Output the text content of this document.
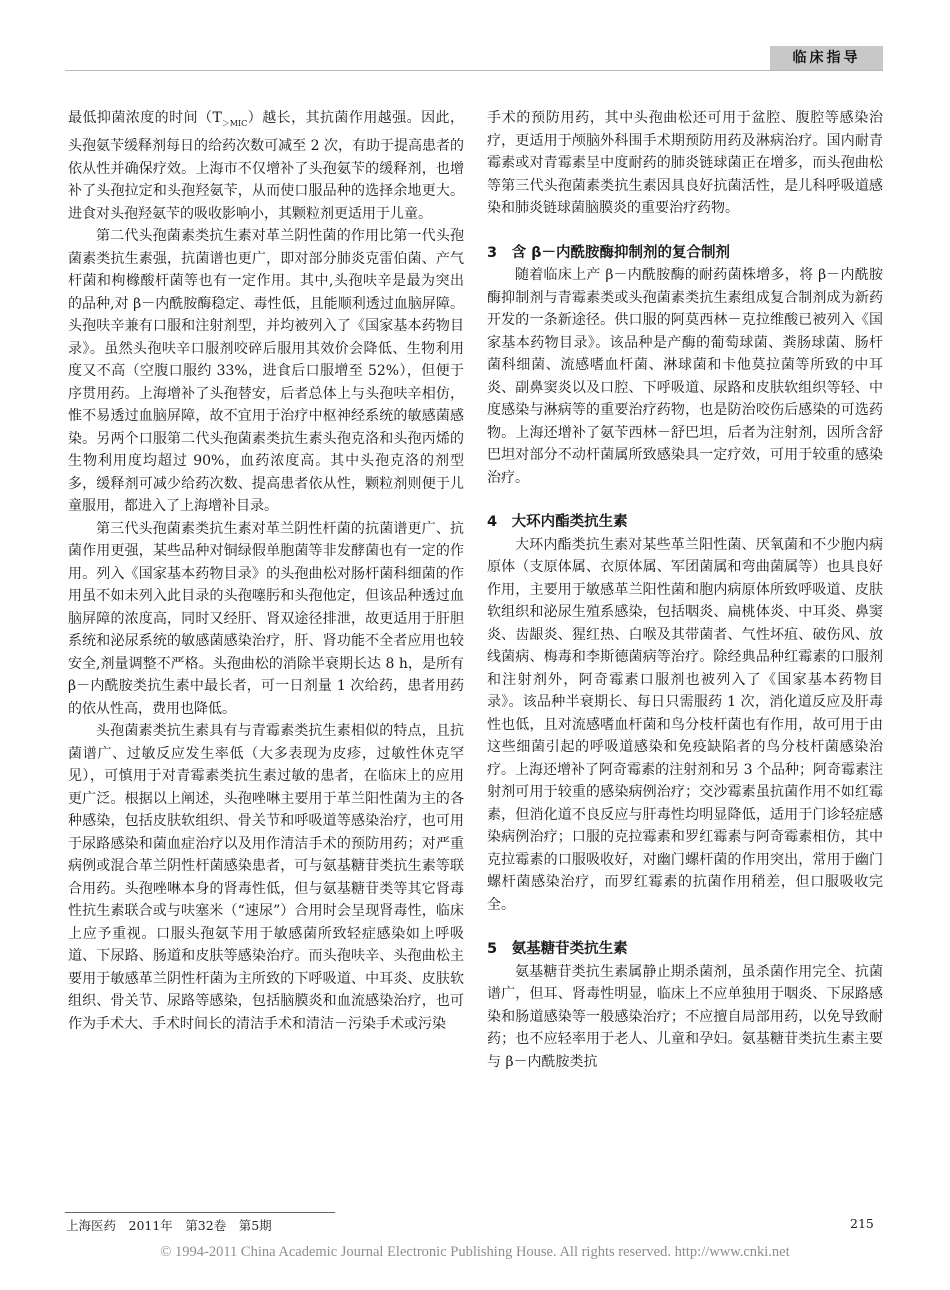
临床指导

最低抑菌浓度的时间$(T_{>MIC})$越长，其抗菌作用越强。因此，头孢氨苄缓释剂每日的给药次数可减至 2 次，有助于提高患者的依从性并确保疗效。上海市不仅增补了头孢氨苄的缓释剂，也增补了头孢拉定和头孢羟氨苄，从而使口服品种的选择余地更大。进食对头孢羟氨苄的吸收影响小，其颗粒剂更适用于儿童。

第二代头孢菌素类抗生素对革兰阴性菌的作用比第一代头孢菌素类抗生素强，抗菌谱也更广，即对部分肺炎克雷伯菌、产气杆菌和枸橼酸杆菌等也有一定作用。其中,头孢呋辛是最为突出的品种,对 β－内酰胺酶稳定、毒性低，且能顺利透过血脑屏障。头孢呋辛兼有口服和注射剂型，并均被列入了《国家基本药物目录》。虽然头孢呋辛口服剂咬碎后服用其效价会降低、生物利用度又不高（空腹口服约 33%，进食后口服增至 52%），但便于序贯用药。上海增补了头孢替安，后者总体上与头孢呋辛相仿，惟不易透过血脑屏障，故不宜用于治疗中枢神经系统的敏感菌感染。另两个口服第二代头孢菌素类抗生素头孢克洛和头孢丙烯的生物利用度均超过 90%，血药浓度高。其中头孢克洛的剂型多，缓释剂可减少给药次数、提高患者依从性，颗粒剂则便于儿童服用，都进入了上海增补目录。

第三代头孢菌素类抗生素对革兰阴性杆菌的抗菌谱更广、抗菌作用更强，某些品种对铜绿假单胞菌等非发酵菌也有一定的作用。列入《国家基本药物目录》的头孢曲松对肠杆菌科细菌的作用虽不如未列入此目录的头孢噻肟和头孢他定，但该品种透过血脑屏障的浓度高，同时又经肝、肾双途径排泄，故更适用于肝胆系统和泌尿系统的敏感菌感染治疗，肝、肾功能不全者应用也较安全,剂量调整不严格。头孢曲松的消除半衰期长达 8 h，是所有 β－内酰胺类抗生素中最长者，可一日剂量 1 次给药，患者用药的依从性高，费用也降低。

头孢菌素类抗生素具有与青霉素类抗生素相似的特点，且抗菌谱广、过敏反应发生率低（大多表现为皮疹，过敏性休克罕见），可慎用于对青霉素类抗生素过敏的患者，在临床上的应用更广泛。根据以上阐述，头孢唑啉主要用于革兰阳性菌为主的各种感染，包括皮肤软组织、骨关节和呼吸道等感染治疗，也可用于尿路感染和菌血症治疗以及用作清洁手术的预防用药；对严重病例或混合革兰阴性杆菌感染患者，可与氨基糖苷类抗生素等联合用药。头孢唑啉本身的肾毒性低，但与氨基糖苷类等其它肾毒性抗生素联合或与呋塞米（“速尿”）合用时会呈现肾毒性，临床上应予重视。口服头孢氨苄用于敏感菌所致轻症感染如上呼吸道、下尿路、肠道和皮肤等感染治疗。而头孢呋辛、头孢曲松主要用于敏感革兰阴性杆菌为主所致的下呼吸道、中耳炎、皮肤软组织、骨关节、尿路等感染，包括脑膜炎和血流感染治疗，也可作为手术大、手术时间长的清洁手术和清洁－污染手术或污染

手术的预防用药，其中头孢曲松还可用于盆腔、腹腔等感染治疗，更适用于颅脑外科围手术期预防用药及淋病治疗。国内耐青霉素或对青霉素呈中度耐药的肺炎链球菌正在增多，而头孢曲松等第三代头孢菌素类抗生素因具良好抗菌活性，是儿科呼吸道感染和肺炎链球菌脑膜炎的重要治疗药物。

3　含 β－内酰胺酶抑制剂的复合制剂

随着临床上产 β－内酰胺酶的耐药菌株增多，将 β－内酰胺酶抑制剂与青霉素类或头孢菌素类抗生素组成复合制剂成为新药开发的一条新途径。供口服的阿莫西林－克拉维酸已被列入《国家基本药物目录》。该品种是产酶的葡萄球菌、粪肠球菌、肠杆菌科细菌、流感嗜血杆菌、淋球菌和卡他莫拉菌等所致的中耳炎、副鼻窦炎以及口腔、下呼吸道、尿路和皮肤软组织等轻、中度感染与淋病等的重要治疗药物，也是防治咬伤后感染的可选药物。上海还增补了氨苄西林－舒巴坦，后者为注射剂，因所含舒巴坦对部分不动杆菌属所致感染具一定疗效，可用于较重的感染治疗。

4　大环内酯类抗生素

大环内酯类抗生素对某些革兰阳性菌、厌氧菌和不少胞内病原体（支原体属、衣原体属、军团菌属和弯曲菌属等）也具良好作用，主要用于敏感革兰阳性菌和胞内病原体所致呼吸道、皮肤软组织和泌尿生殖系感染，包括咽炎、扁桃体炎、中耳炎、鼻窦炎、齿龈炎、猩红热、白喉及其带菌者、气性坏疽、破伤风、放线菌病、梅毒和李斯德菌病等治疗。除经典品种红霉素的口服剂和注射剂外，阿奇霉素口服剂也被列入了《国家基本药物目录》。该品种半衰期长、每日只需服药 1 次，消化道反应及肝毒性也低，且对流感嗜血杆菌和鸟分枝杆菌也有作用，故可用于由这些细菌引起的呼吸道感染和免疫缺陷者的鸟分枝杆菌感染治疗。上海还增补了阿奇霉素的注射剂和另 3 个品种；阿奇霉素注射剂可用于较重的感染病例治疗；交沙霉素虽抗菌作用不如红霉素，但消化道不良反应与肝毒性均明显降低，适用于门诊轻症感染病例治疗；口服的克拉霉素和罗红霉素与阿奇霉素相仿，其中克拉霉素的口服吸收好，对幽门螺杆菌的作用突出，常用于幽门螺杆菌感染治疗，而罗红霉素的抗菌作用稍差，但口服吸收完全。

5　氨基糖苷类抗生素

氨基糖苷类抗生素属静止期杀菌剂，虽杀菌作用完全、抗菌谱广，但耳、肾毒性明显，临床上不应单独用于咽炎、下尿路感染和肠道感染等一般感染治疗；不应擅自局部用药，以免导致耐药；也不应轻率用于老人、儿童和孕妇。氨基糖苷类抗生素主要与 β－内酰胺类抗

上海医药　2011年　第32卷　第5期	215
© 1994-2011 China Academic Journal Electronic Publishing House. All rights reserved. http://www.cnki.net
